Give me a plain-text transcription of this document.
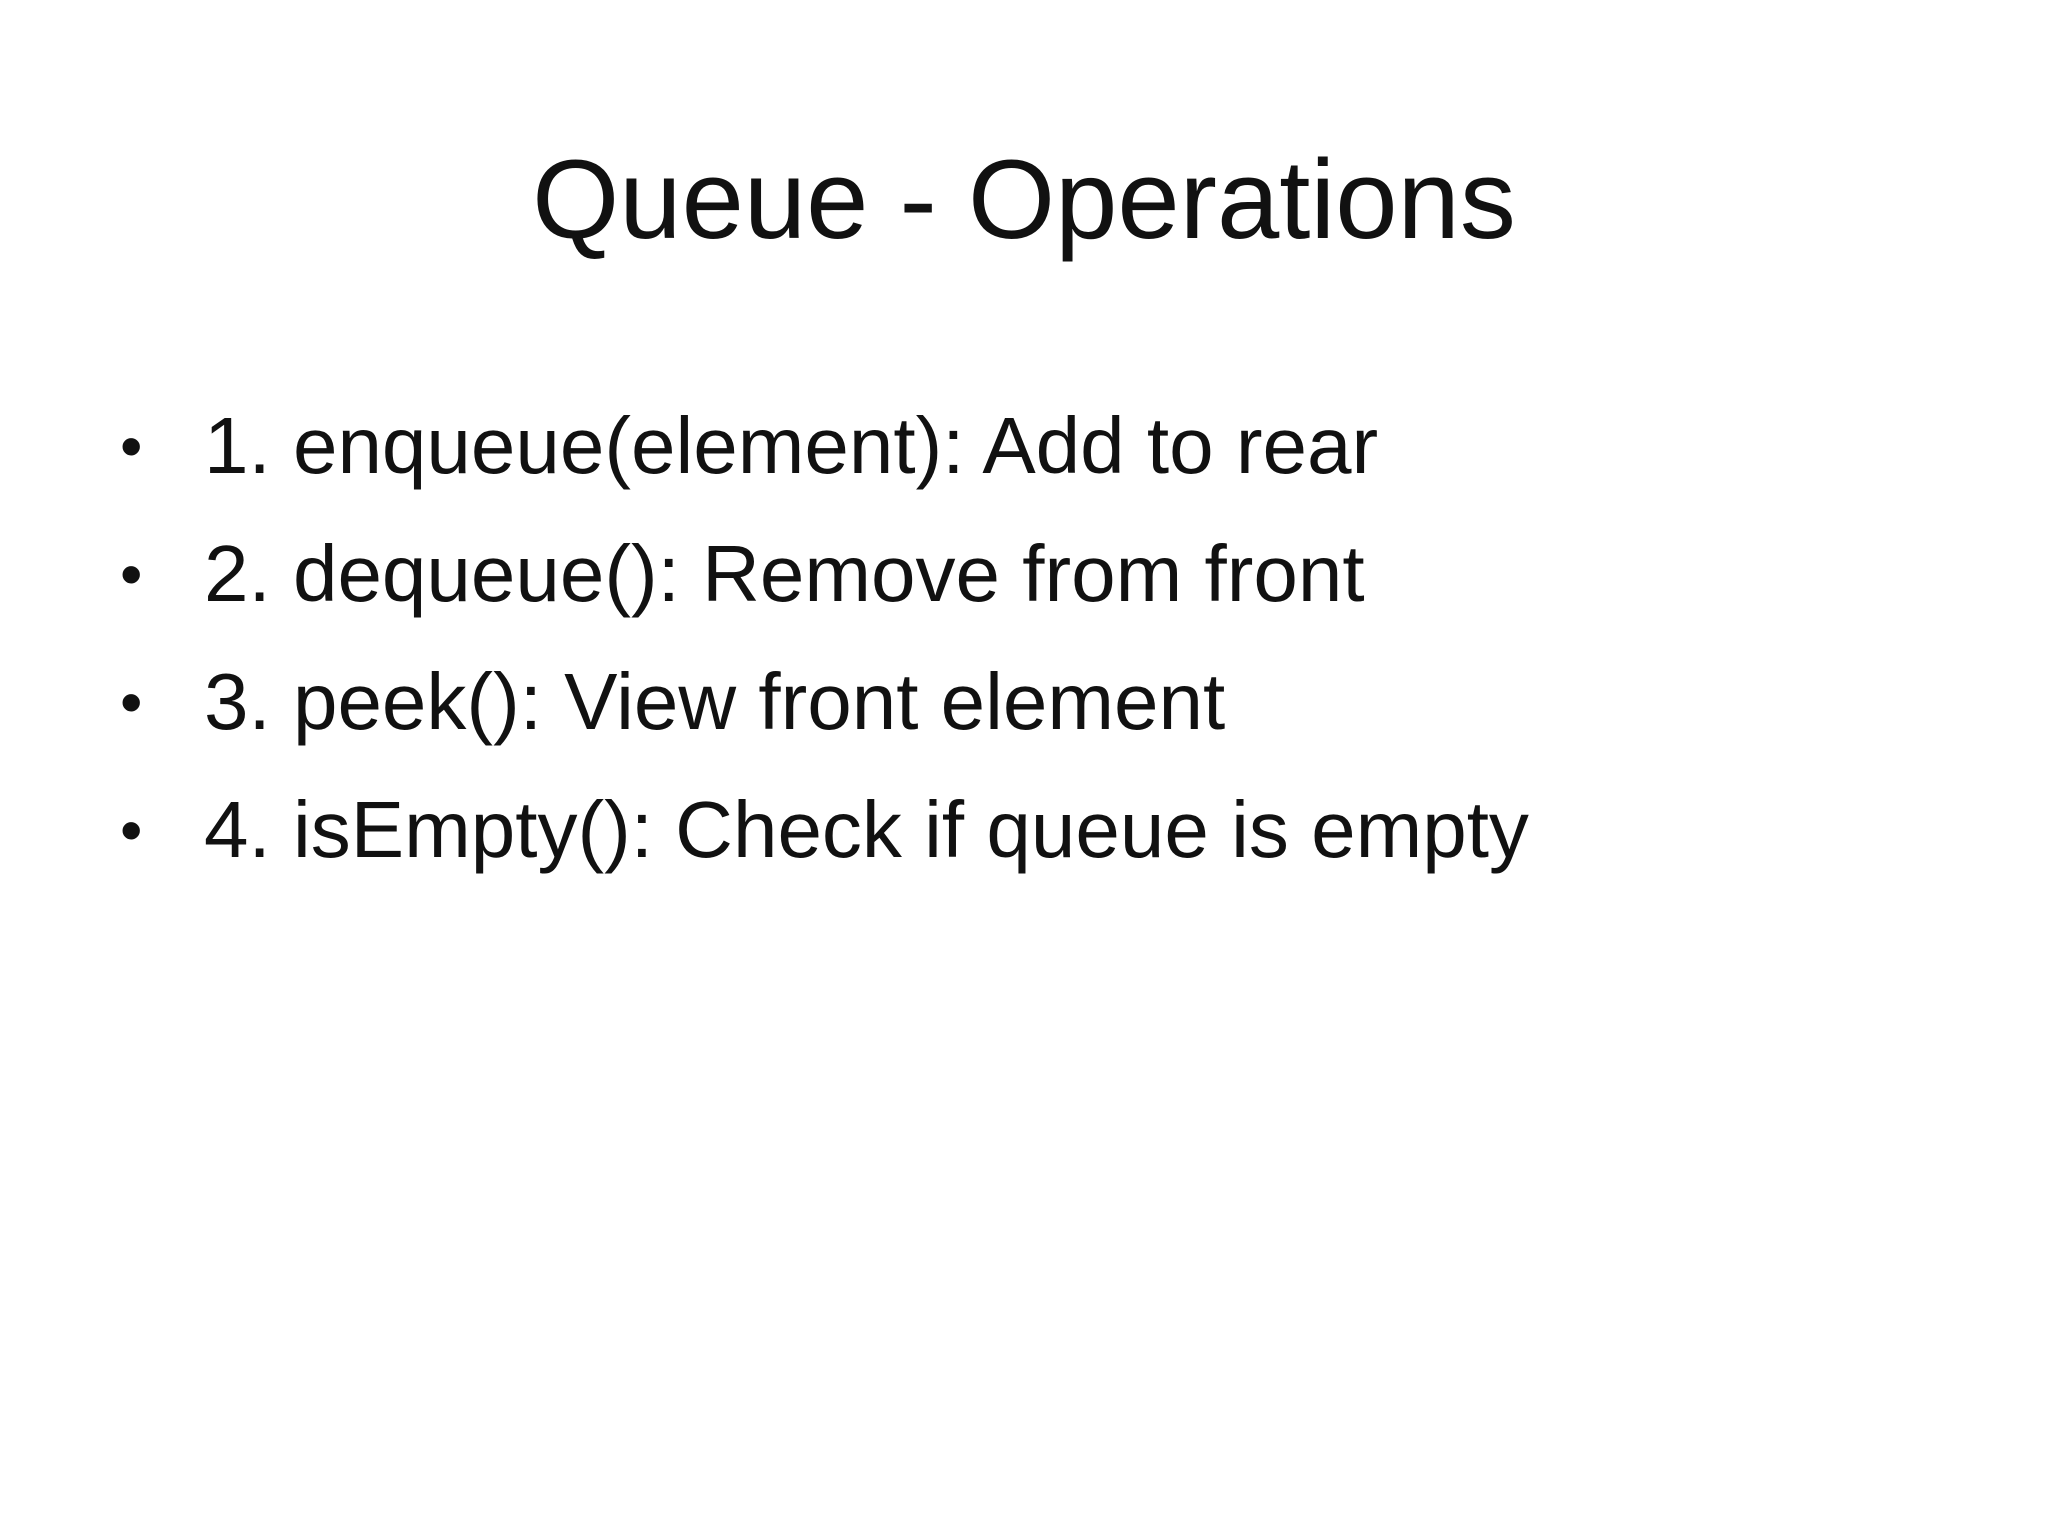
Queue - Operations
• 1. enqueue(element): Add to rear
• 2. dequeue(): Remove from front
• 3. peek(): View front element
• 4. isEmpty(): Check if queue is empty
